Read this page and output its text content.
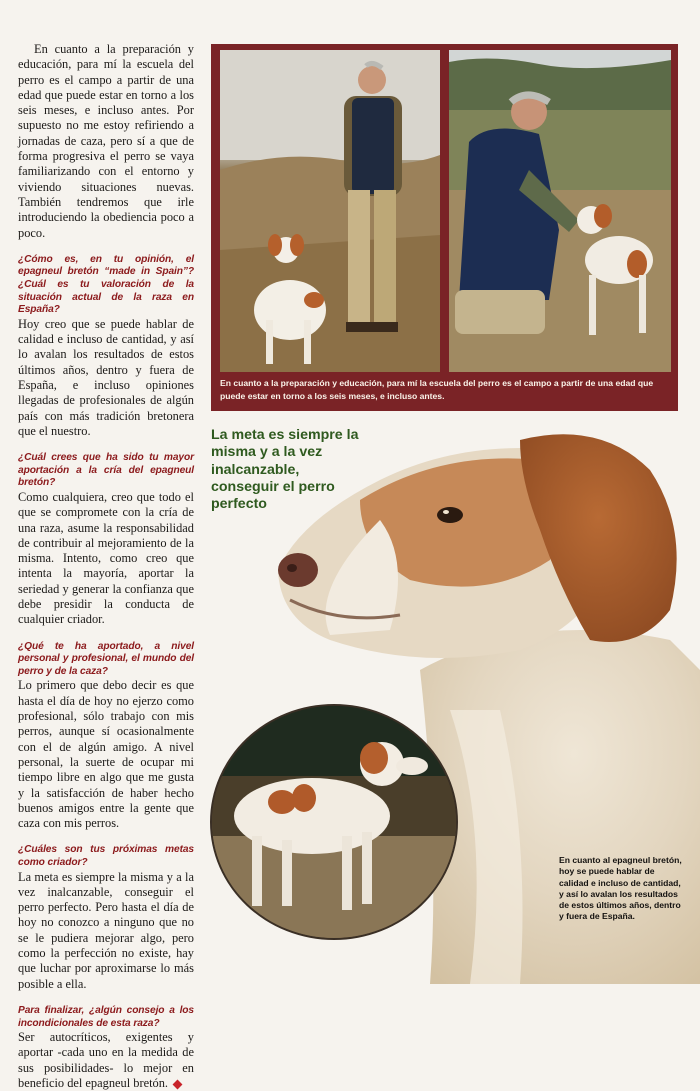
En cuanto a la preparación y educación, para mí la escuela del perro es el campo a partir de una edad que puede estar en torno a los seis meses, e incluso antes. Por supuesto no me estoy refiriendo a jornadas de caza, pero sí a que de forma progresiva el perro se vaya familiarizando con el entorno y viviendo situaciones nuevas. También tendremos que irle introduciendo la obediencia poco a poco.

¿Cómo es, en tu opinión, el epagneul bretón “made in Spain”? ¿Cuál es tu valoración de la situación actual de la raza en España?

Hoy creo que se puede hablar de calidad e incluso de cantidad, y así lo avalan los resultados de estos últimos años, dentro y fuera de España, e incluso opiniones llegadas de profesionales de algún país con más tradición bretonera que el nuestro.

¿Cuál crees que ha sido tu mayor aportación a la cría del epagneul bretón?

Como cualquiera, creo que todo el que se compromete con la cría de una raza, asume la responsabilidad de contribuir al mejoramiento de la misma. Intento, como creo que intenta la mayoría, aportar la seriedad y generar la confianza que debe presidir la conducta de cualquier criador.

¿Qué te ha aportado, a nivel personal y profesional, el mundo del perro y de la caza?

Lo primero que debo decir es que hasta el día de hoy no ejerzo como profesional, sólo trabajo con mis perros, aunque sí ocasionalmente con el de algún amigo. A nivel personal, la suerte de ocupar mi tiempo libre en algo que me gusta y la satisfacción de haber hecho buenos amigos entre la gente que caza con mis perros.

¿Cuáles son tus próximas metas como criador?

La meta es siempre la misma y a la vez inalcanzable, conseguir el perro perfecto. Pero hasta el día de hoy no conozco a ninguno que no se le pudiera mejorar algo, pero como la perfección no existe, hay que luchar por aproximarse lo más posible a ella.

Para finalizar, ¿algún consejo a los incondicionales de esta raza?

Ser autocríticos, exigentes y aportar -cada uno en la medida de sus posibilidades- lo mejor en beneficio del epagneul bretón.

En cuanto a la preparación y educación, para mí la escuela del perro es el campo a partir de una edad que puede estar en torno a los seis meses, e incluso antes.
La meta es siempre la misma y a la vez inalcanzable, conseguir el perro perfecto
En cuanto al epagneul bretón, hoy se puede hablar de calidad e incluso de cantidad, y así lo avalan los resultados de estos últimos años, dentro y fuera de España.
